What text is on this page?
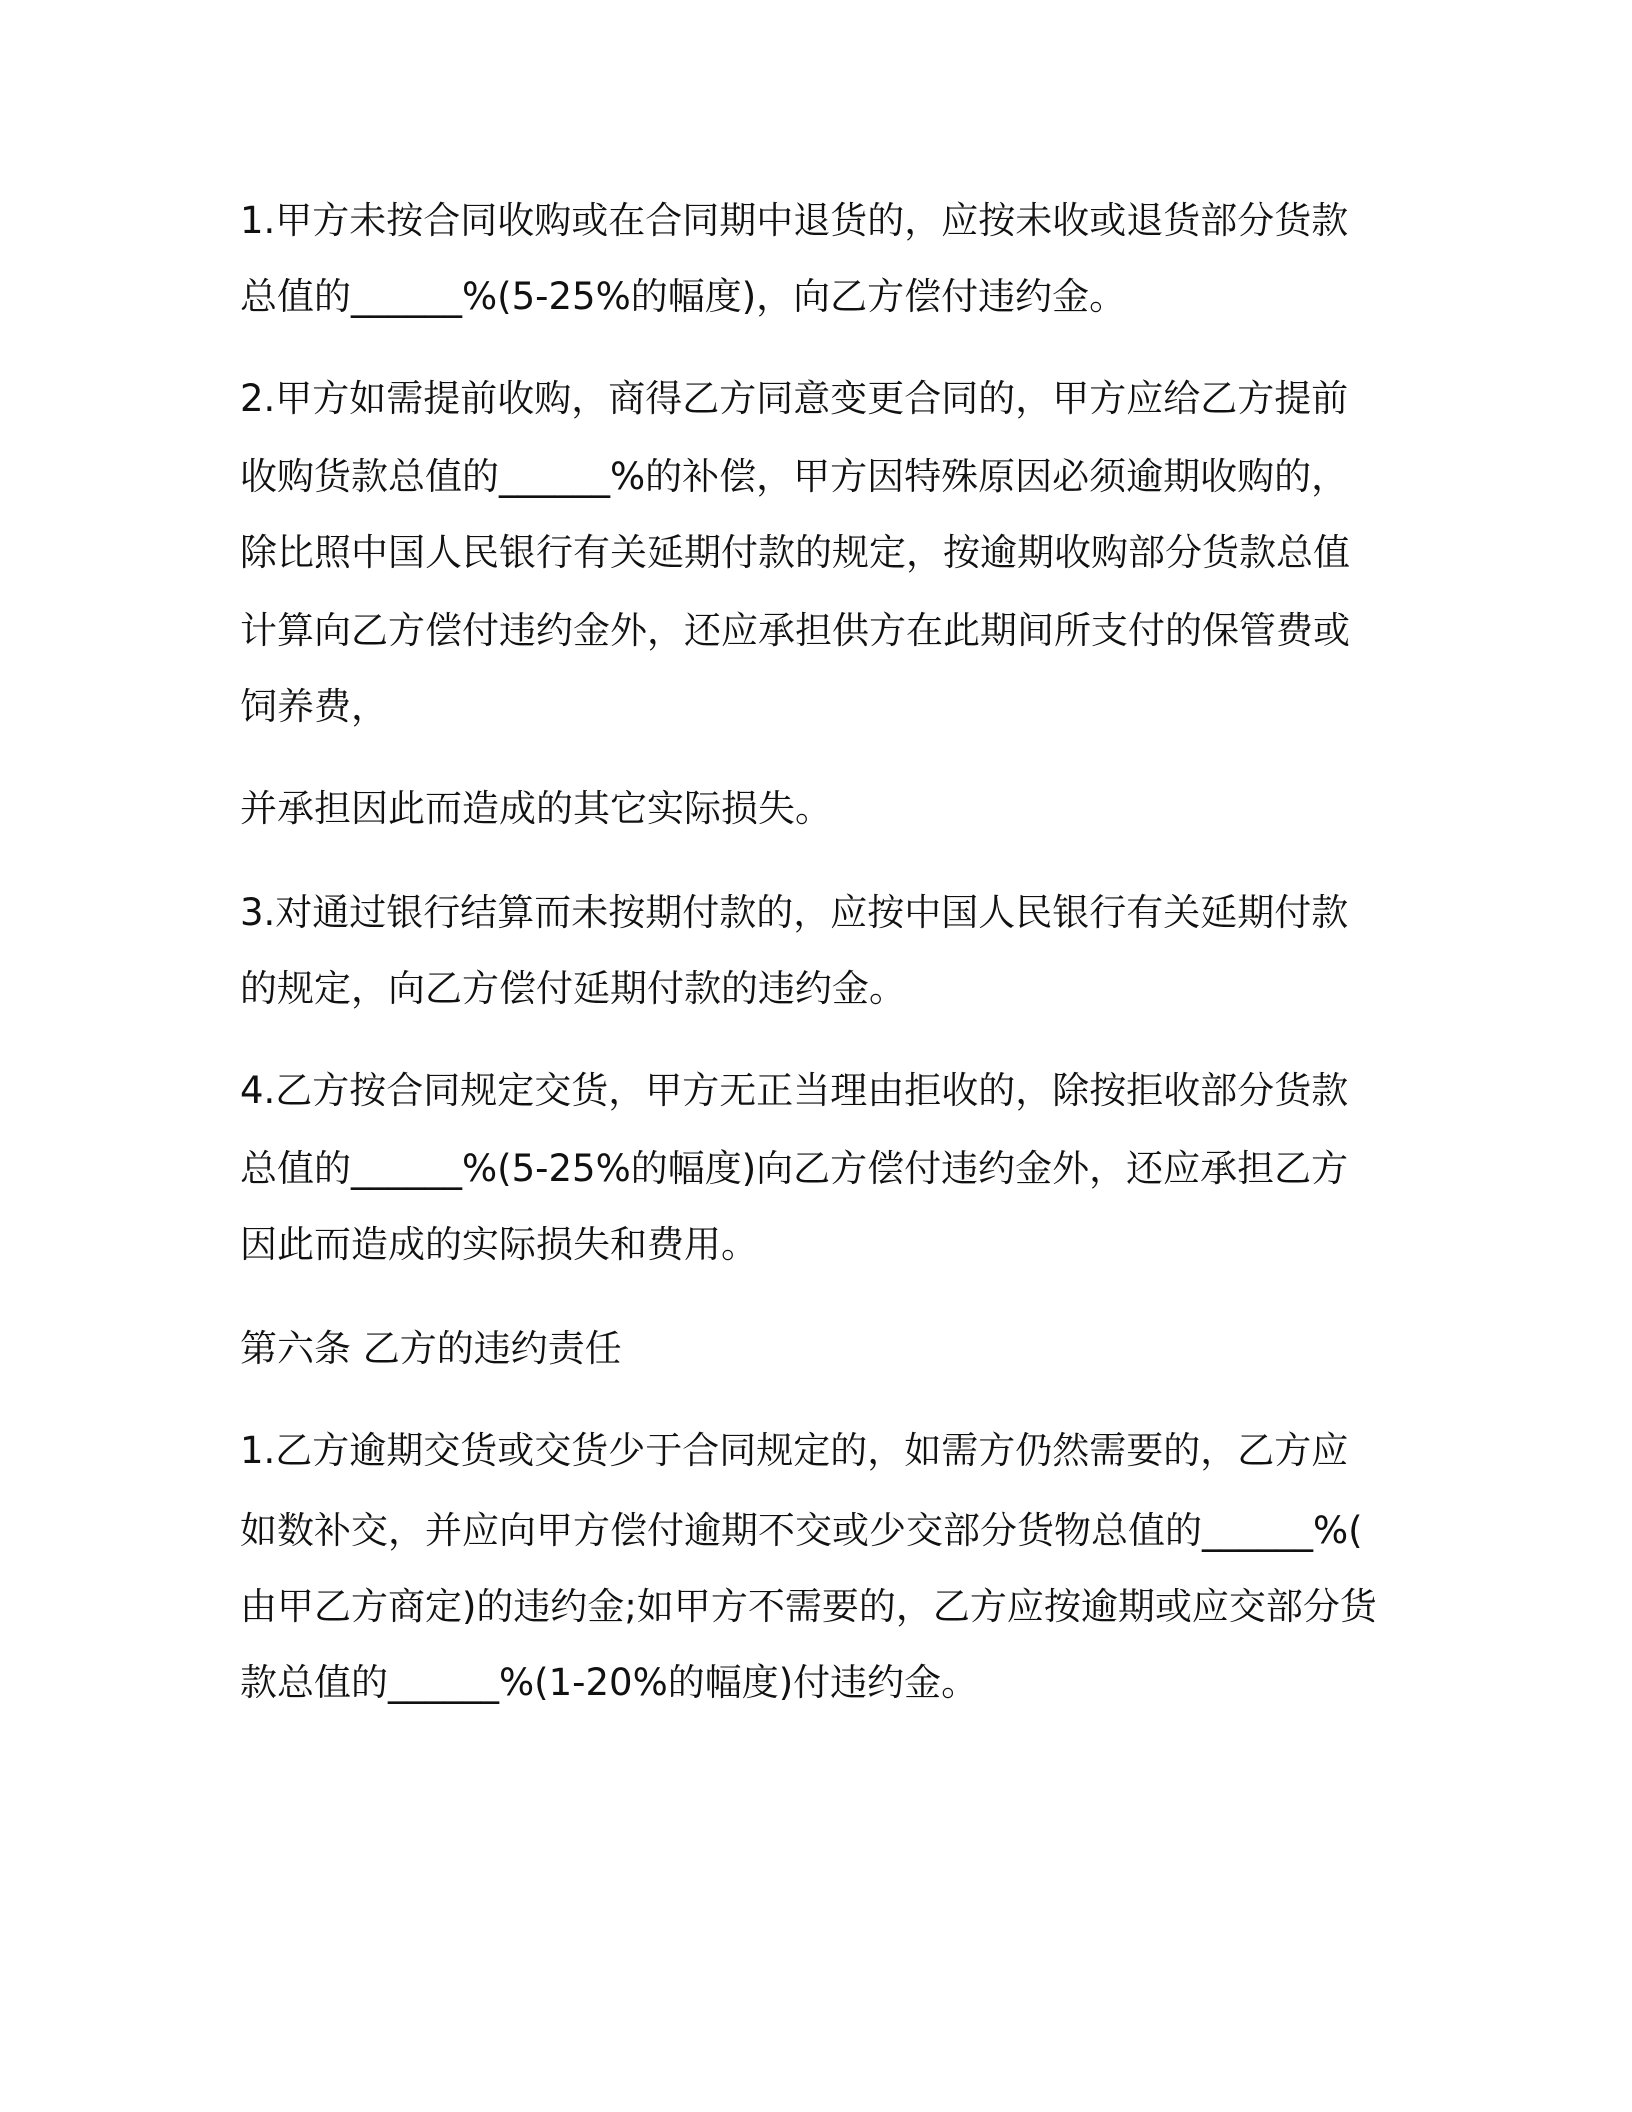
1.甲方未按合同收购或在合同期中退货的，应按未收或退货部分货款
总值的______%(5-25%的幅度)，向乙方偿付违约金。
2.甲方如需提前收购，商得乙方同意变更合同的，甲方应给乙方提前
收购货款总值的______%的补偿，甲方因特殊原因必须逾期收购的，
除比照中国人民银行有关延期付款的规定，按逾期收购部分货款总值
计算向乙方偿付违约金外，还应承担供方在此期间所支付的保管费或
饲养费，
并承担因此而造成的其它实际损失。
3.对通过银行结算而未按期付款的，应按中国人民银行有关延期付款
的规定，向乙方偿付延期付款的违约金。
4.乙方按合同规定交货，甲方无正当理由拒收的，除按拒收部分货款
总值的______%(5-25%的幅度)向乙方偿付违约金外，还应承担乙方
因此而造成的实际损失和费用。
第六条 乙方的违约责任
1.乙方逾期交货或交货少于合同规定的，如需方仍然需要的，乙方应
如数补交，并应向甲方偿付逾期不交或少交部分货物总值的______%(
由甲乙方商定)的违约金;如甲方不需要的，乙方应按逾期或应交部分货
款总值的______%(1-20%的幅度)付违约金。
